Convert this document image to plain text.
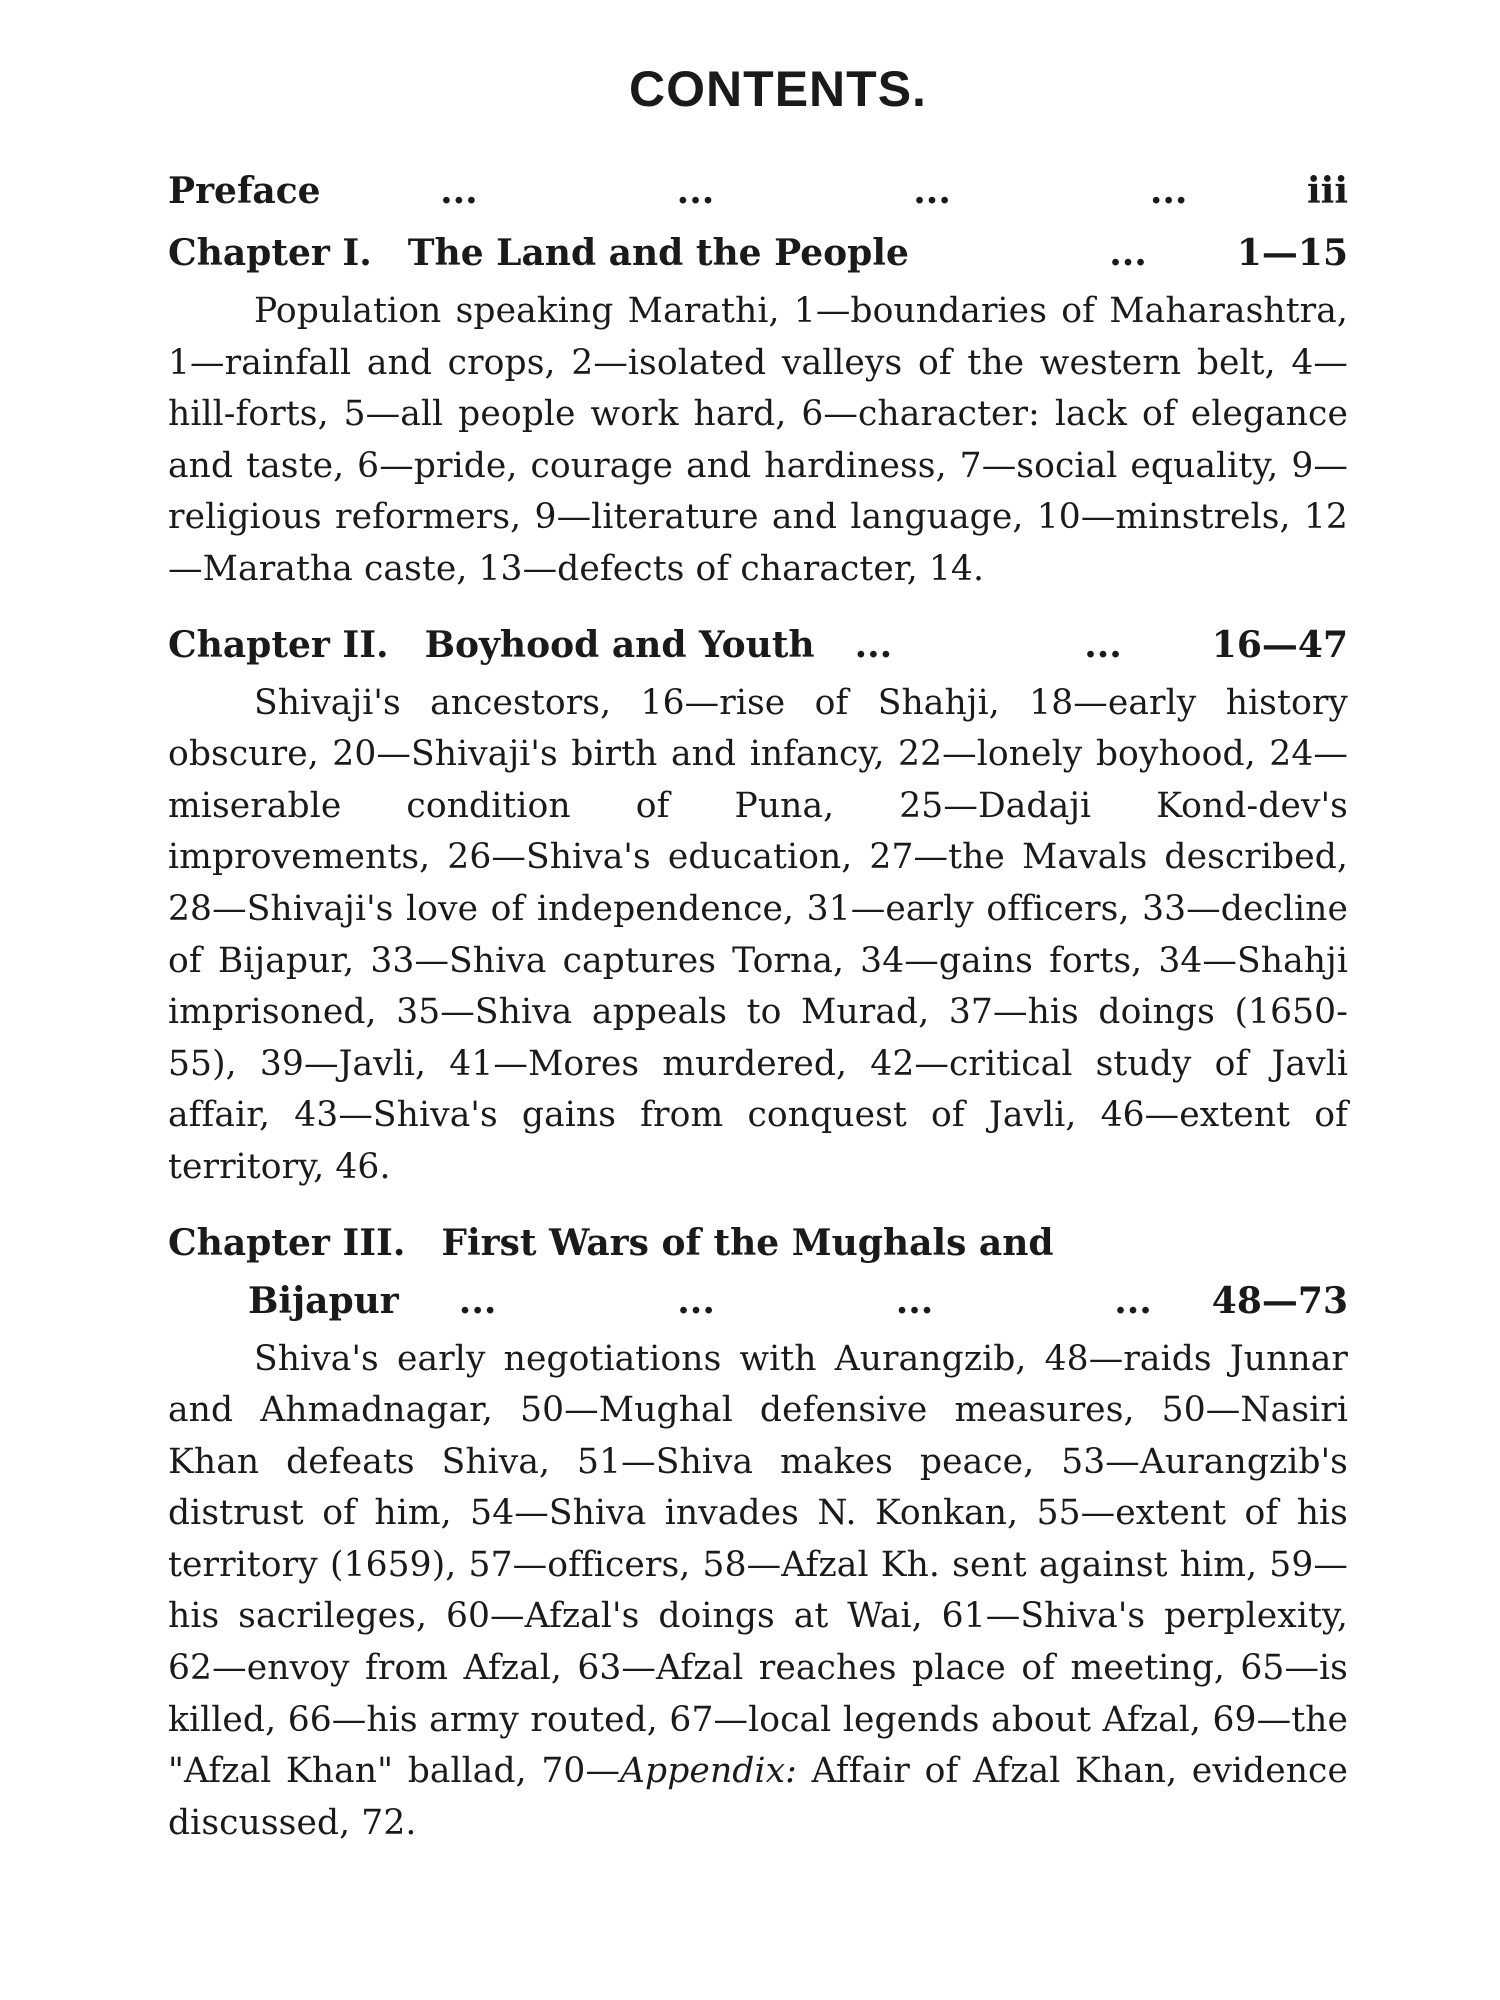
CONTENTS.
Preface	...	...	...	...	iii
Chapter I. The Land and the People	...	1—15
Population speaking Marathi, 1—boundaries of Maharashtra, 1—rainfall and crops, 2—isolated valleys of the western belt, 4—hill-forts, 5—all people work hard, 6—character: lack of elegance and taste, 6—pride, courage and hardiness, 7—social equality, 9—religious reformers, 9—literature and language, 10—minstrels, 12—Maratha caste, 13—defects of character, 14.
Chapter II. Boyhood and Youth ...	...	16—47
Shivaji's ancestors, 16—rise of Shahji, 18—early history obscure, 20—Shivaji's birth and infancy, 22—lonely boyhood, 24—miserable condition of Puna, 25—Dadaji Kond-dev's improvements, 26—Shiva's education, 27—the Mavals described, 28—Shivaji's love of independence, 31—early officers, 33—decline of Bijapur, 33—Shiva captures Torna, 34—gains forts, 34—Shahji imprisoned, 35—Shiva appeals to Murad, 37—his doings (1650-55), 39—Javli, 41—Mores murdered, 42—critical study of Javli affair, 43—Shiva's gains from conquest of Javli, 46—extent of territory, 46.
Chapter III. First Wars of the Mughals and
Bijapur ...	...	...	... 48—73
Shiva's early negotiations with Aurangzib, 48—raids Junnar and Ahmadnagar, 50—Mughal defensive measures, 50—Nasiri Khan defeats Shiva, 51—Shiva makes peace, 53—Aurangzib's distrust of him, 54—Shiva invades N. Konkan, 55—extent of his territory (1659), 57—officers, 58—Afzal Kh. sent against him, 59—his sacrileges, 60—Afzal's doings at Wai, 61—Shiva's perplexity, 62—envoy from Afzal, 63—Afzal reaches place of meeting, 65—is killed, 66—his army routed, 67—local legends about Afzal, 69—the "Afzal Khan" ballad, 70—Appendix: Affair of Afzal Khan, evidence discussed, 72.
